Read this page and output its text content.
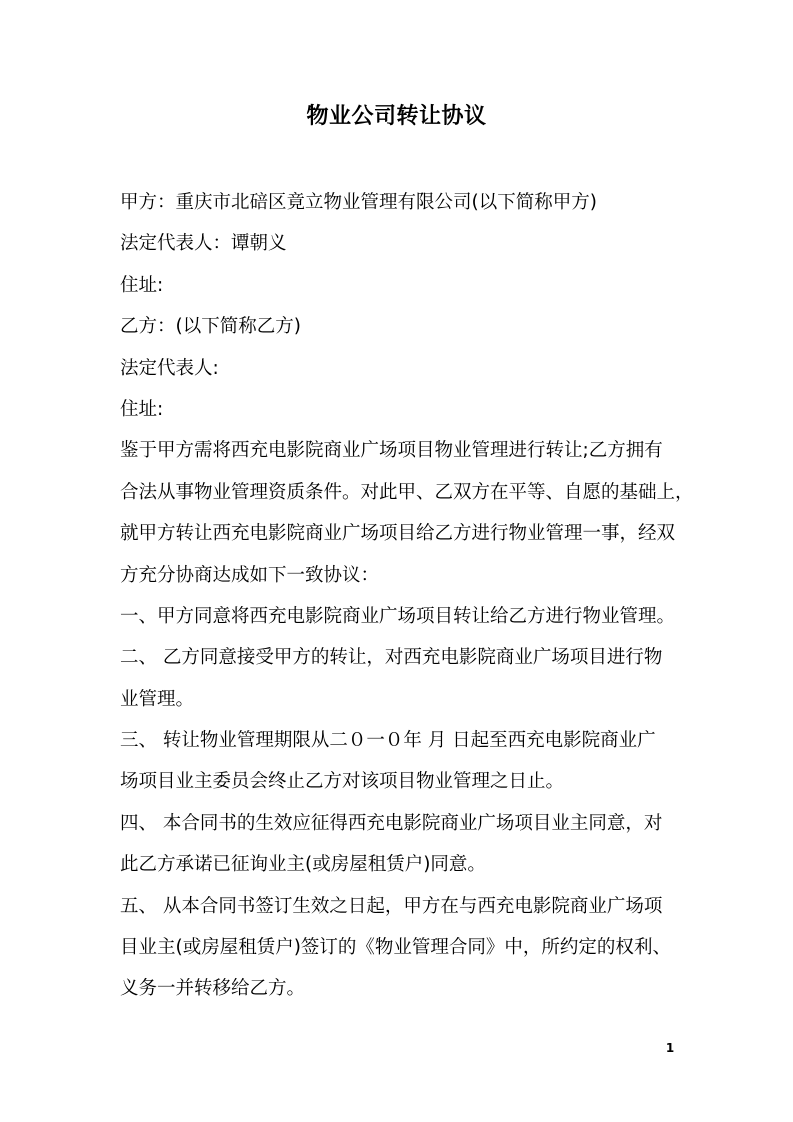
物业公司转让协议
甲方：重庆市北碚区竟立物业管理有限公司(以下简称甲方)
法定代表人：谭朝义
住址:
乙方：(以下简称乙方)
法定代表人:
住址:
鉴于甲方需将西充电影院商业广场项目物业管理进行转让;乙方拥有
合法从事物业管理资质条件。对此甲、乙双方在平等、自愿的基础上，
就甲方转让西充电影院商业广场项目给乙方进行物业管理一事，经双
方充分协商达成如下一致协议：
一、甲方同意将西充电影院商业广场项目转让给乙方进行物业管理。
二、 乙方同意接受甲方的转让，对西充电影院商业广场项目进行物
业管理。
三、 转让物业管理期限从二０一０年 月 日起至西充电影院商业广
场项目业主委员会终止乙方对该项目物业管理之日止。
四、 本合同书的生效应征得西充电影院商业广场项目业主同意，对
此乙方承诺已征询业主(或房屋租赁户)同意。
五、 从本合同书签订生效之日起，甲方在与西充电影院商业广场项
目业主(或房屋租赁户)签订的《物业管理合同》中，所约定的权利、
义务一并转移给乙方。
1
